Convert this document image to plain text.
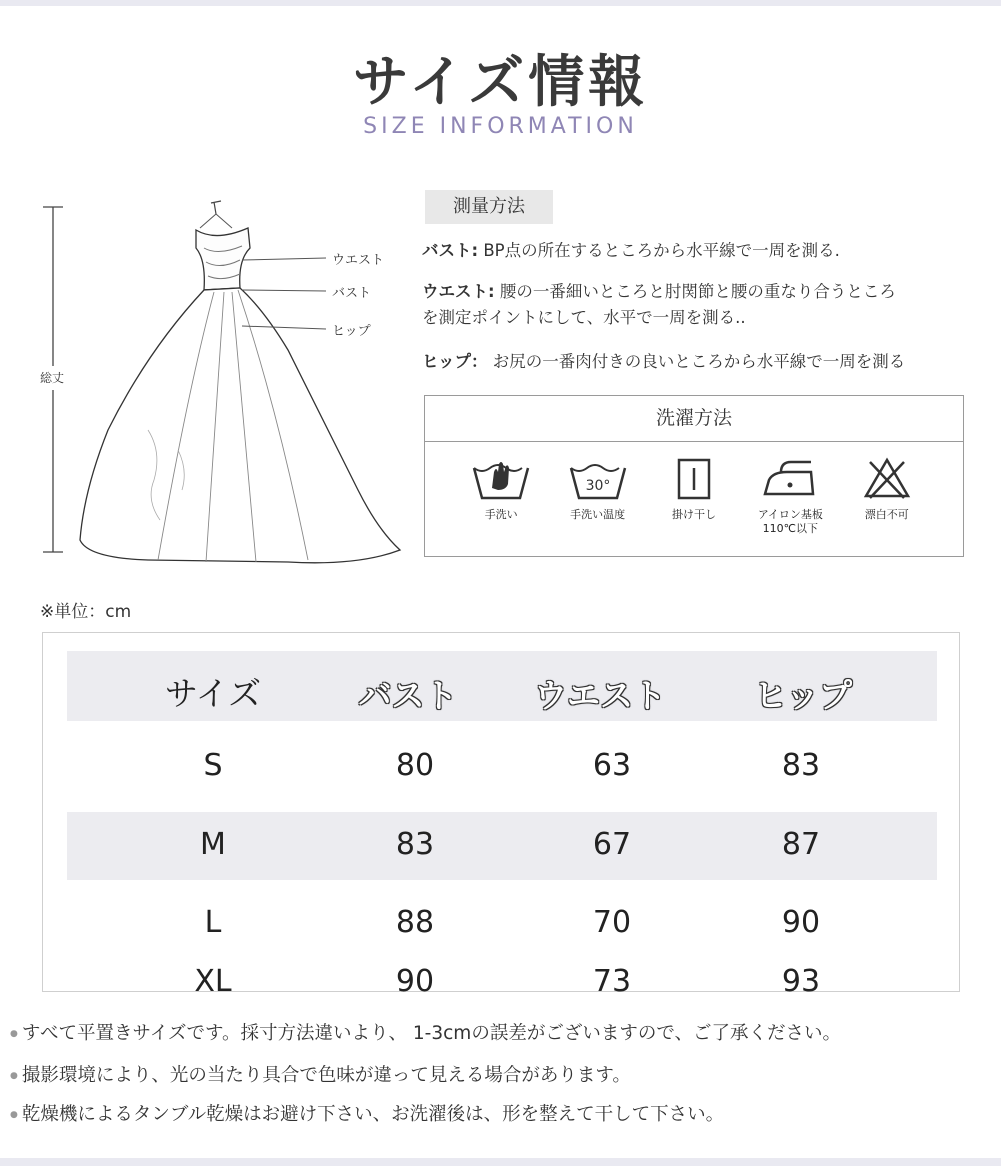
サイズ情報
SIZE INFORMATION
総丈
ウエスト
バスト
ヒップ
※単位：cm
測量方法
バスト: BP点の所在するところから水平線で一周を測る.
ウエスト: 腰の一番細いところと肘関節と腰の重なり合うところ
を測定ポイントにして、水平で一周を測る..
ヒップ： お尻の一番肉付きの良いところから水平線で一周を測る
洗濯方法
手洗い
30°
手洗い温度	掛け干し	アイロン基板
110℃以下
漂白不可
サイズ	バスト	ウエスト	ヒップ
S	80	63	83
M	83	67	87
L	88	70	90
XL	90	73	93
● すべて平置きサイズです。採寸方法違いより、 1-3cmの誤差がございますので、ご了承ください。
● 撮影環境により、光の当たり具合で色味が違って見える場合があります。
● 乾燥機によるタンブル乾燥はお避け下さい、お洗濯後は、形を整えて干して下さい。
